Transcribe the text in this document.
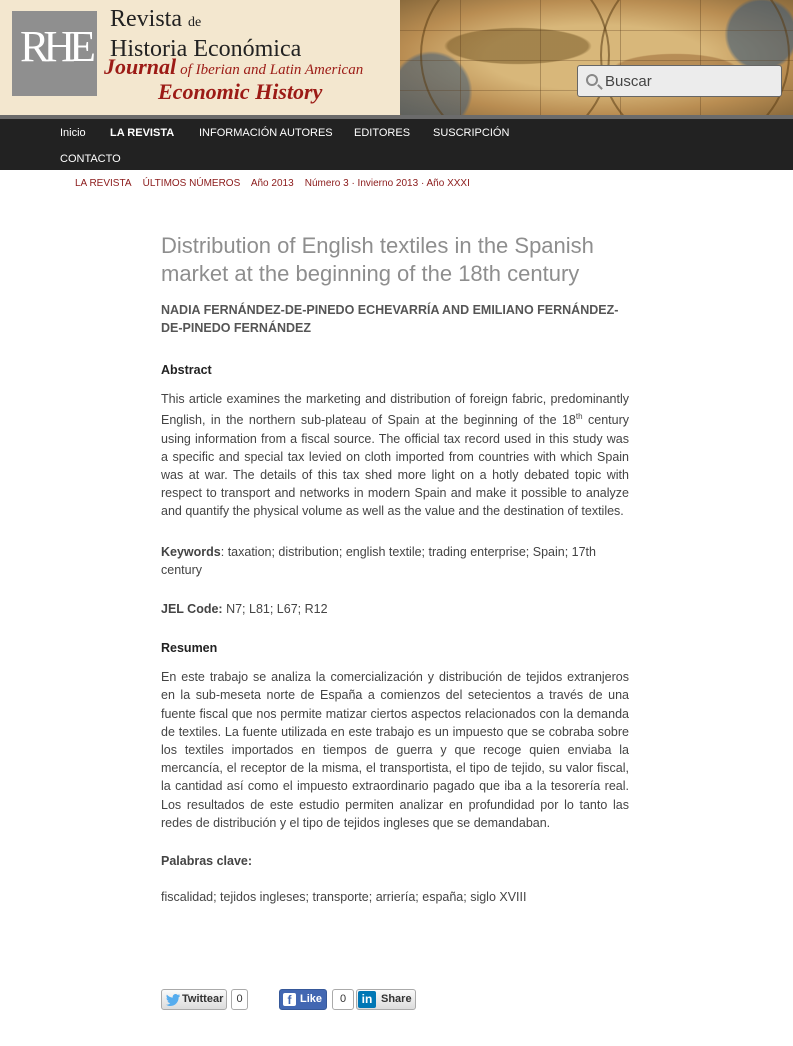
RHE
Revista de
Historia Económica
Journal of Iberian and Latin American
Economic History
Buscar
Inicio LA REVISTA INFORMACIÓN AUTORES EDITORES SUSCRIPCIÓN
CONTACTO
LA REVISTA ÚLTIMOS NÚMEROS Año 2013 Número 3 · Invierno 2013 · Año XXXI
Distribution of English textiles in the Spanish market at the beginning of the 18th century

NADIA FERNÁNDEZ-DE-PINEDO ECHEVARRÍA AND EMILIANO FERNÁNDEZ-DE-PINEDO FERNÁNDEZ

Abstract

This article examines the marketing and distribution of foreign fabric, predominantly English, in the northern sub-plateau of Spain at the beginning of the 18th century using information from a fiscal source. The official tax record used in this study was a specific and special tax levied on cloth imported from countries with which Spain was at war. The details of this tax shed more light on a hotly debated topic with respect to transport and networks in modern Spain and make it possible to analyze and quantify the physical volume as well as the value and the destination of textiles.

Keywords: taxation; distribution; english textile; trading enterprise; Spain; 17th century

JEL Code: N7; L81; L67; R12

Resumen

En este trabajo se analiza la comercialización y distribución de tejidos extranjeros en la sub-meseta norte de España a comienzos del setecientos a través de una fuente fiscal que nos permite matizar ciertos aspectos relacionados con la demanda de textiles. La fuente utilizada en este trabajo es un impuesto que se cobraba sobre los textiles importados en tiempos de guerra y que recoge quien enviaba la mercancía, el receptor de la misma, el transportista, el tipo de tejido, su valor fiscal, la cantidad así como el impuesto extraordinario pagado que iba a la tesorería real. Los resultados de este estudio permiten analizar en profundidad por lo tanto las redes de distribución y el tipo de tejidos ingleses que se demandaban.

Palabras clave:

fiscalidad; tejidos ingleses; transporte; arriería; españa; siglo XVIII

Twittear	0	f Like	0	in Share
